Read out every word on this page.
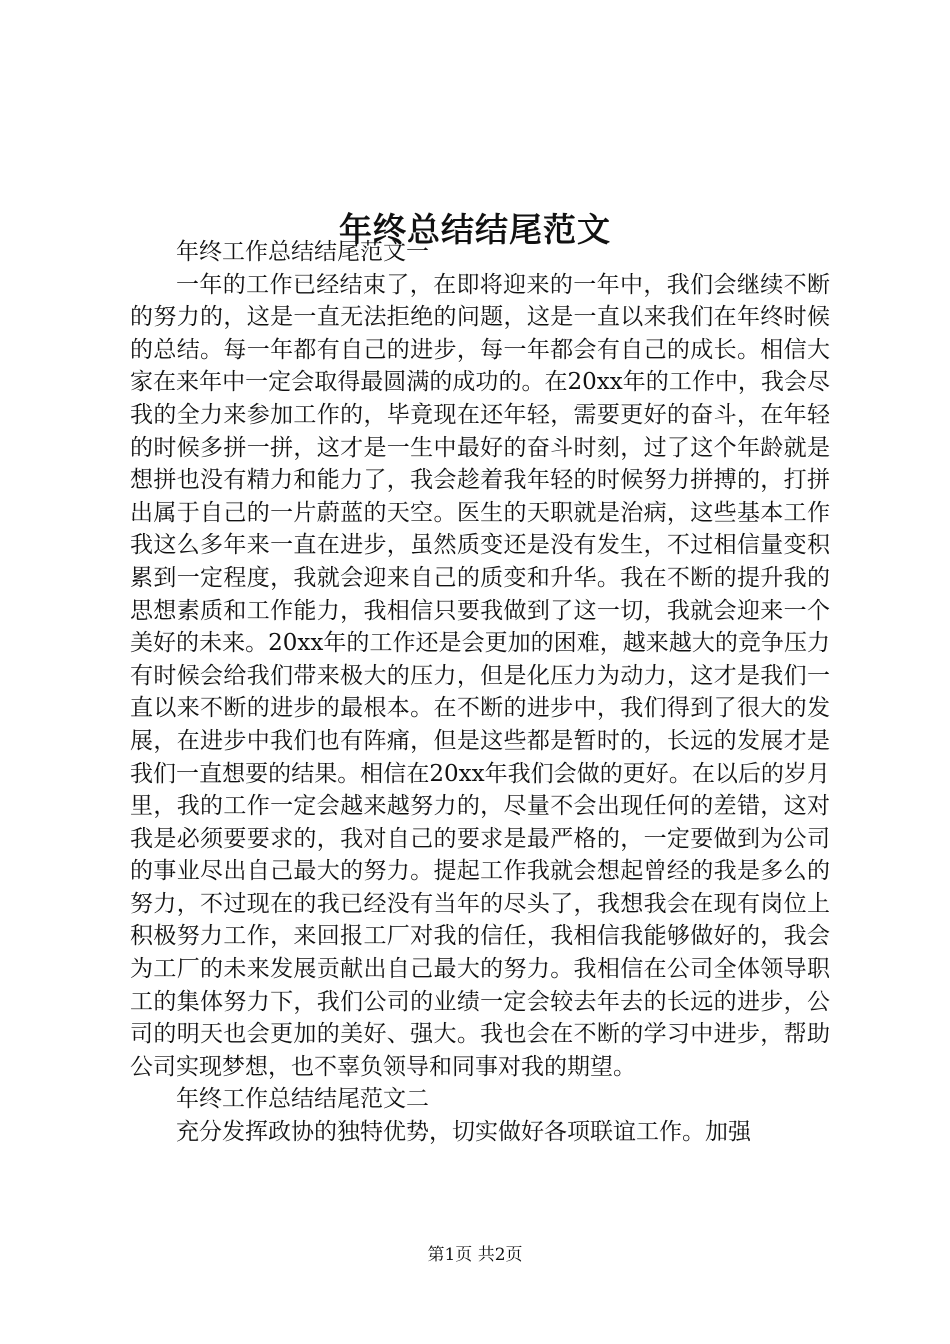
年终总结结尾范文

年终工作总结结尾范文一

一年的工作已经结束了，在即将迎来的一年中，我们会继续不断的努力的，这是一直无法拒绝的问题，这是一直以来我们在年终时候的总结。每一年都有自己的进步，每一年都会有自己的成长。相信大家在来年中一定会取得最圆满的成功的。在20xx年的工作中，我会尽我的全力来参加工作的，毕竟现在还年轻，需要更好的奋斗，在年轻的时候多拼一拼，这才是一生中最好的奋斗时刻，过了这个年龄就是想拼也没有精力和能力了，我会趁着我年轻的时候努力拼搏的，打拼出属于自己的一片蔚蓝的天空。医生的天职就是治病，这些基本工作我这么多年来一直在进步，虽然质变还是没有发生，不过相信量变积累到一定程度，我就会迎来自己的质变和升华。我在不断的提升我的思想素质和工作能力，我相信只要我做到了这一切，我就会迎来一个美好的未来。20xx年的工作还是会更加的困难，越来越大的竞争压力有时候会给我们带来极大的压力，但是化压力为动力，这才是我们一直以来不断的进步的最根本。在不断的进步中，我们得到了很大的发展，在进步中我们也有阵痛，但是这些都是暂时的，长远的发展才是我们一直想要的结果。相信在20xx年我们会做的更好。在以后的岁月里，我的工作一定会越来越努力的，尽量不会出现任何的差错，这对我是必须要要求的，我对自己的要求是最严格的，一定要做到为公司的事业尽出自己最大的努力。提起工作我就会想起曾经的我是多么的努力，不过现在的我已经没有当年的尽头了，我想我会在现有岗位上积极努力工作，来回报工厂对我的信任，我相信我能够做好的，我会为工厂的未来发展贡献出自己最大的努力。我相信在公司全体领导职工的集体努力下，我们公司的业绩一定会较去年去的长远的进步，公司的明天也会更加的美好、强大。我也会在不断的学习中进步，帮助公司实现梦想，也不辜负领导和同事对我的期望。

年终工作总结结尾范文二

充分发挥政协的独特优势，切实做好各项联谊工作。加强

第1页 共2页
